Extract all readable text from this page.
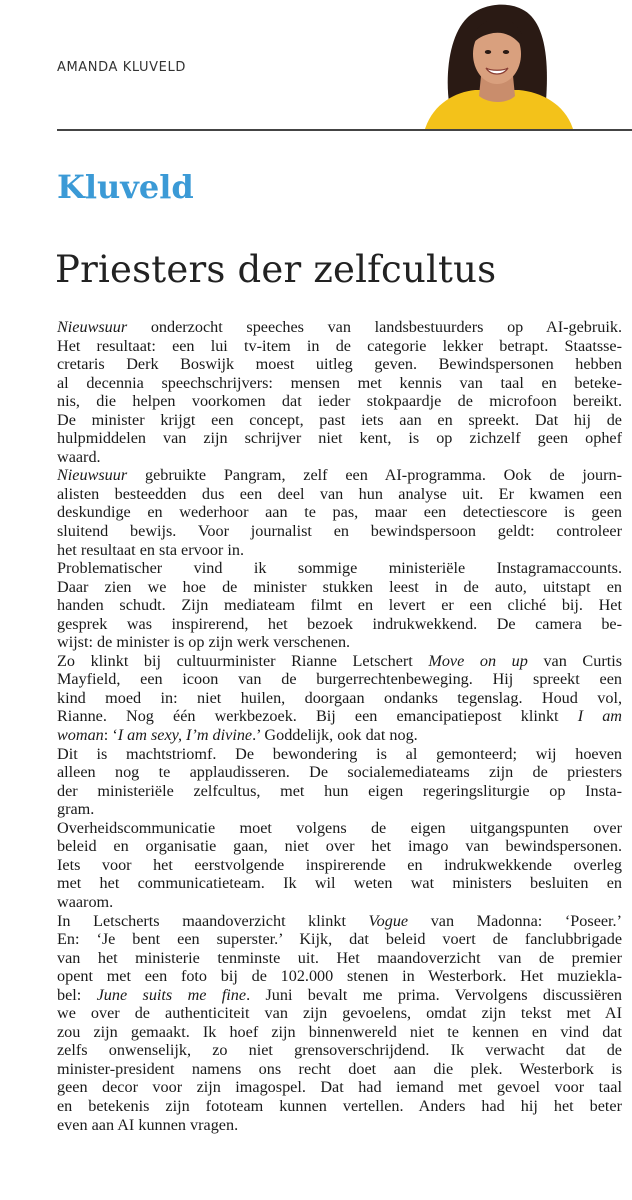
AMANDA KLUVELD
Kluveld
Priesters der zelfcultus

Nieuwsuur onderzocht speeches van landsbestuurders op AI-gebruik.
Het resultaat: een lui tv-item in de categorie lekker betrapt. Staatsse-
cretaris Derk Boswijk moest uitleg geven. Bewindspersonen hebben
al decennia speechschrijvers: mensen met kennis van taal en beteke-
nis, die helpen voorkomen dat ieder stokpaardje de microfoon bereikt.
De minister krijgt een concept, past iets aan en spreekt. Dat hij de
hulpmiddelen van zijn schrijver niet kent, is op zichzelf geen ophef
waard.

Nieuwsuur gebruikte Pangram, zelf een AI-programma. Ook de journ-
alisten besteedden dus een deel van hun analyse uit. Er kwamen een
deskundige en wederhoor aan te pas, maar een detectiescore is geen
sluitend bewijs. Voor journalist en bewindspersoon geldt: controleer
het resultaat en sta ervoor in.

Problematischer vind ik sommige ministeriële Instagramaccounts.
Daar zien we hoe de minister stukken leest in de auto, uitstapt en
handen schudt. Zijn mediateam filmt en levert er een cliché bij. Het
gesprek was inspirerend, het bezoek indrukwekkend. De camera be-
wijst: de minister is op zijn werk verschenen.

Zo klinkt bij cultuurminister Rianne Letschert Move on up van Curtis
Mayfield, een icoon van de burgerrechtenbeweging. Hij spreekt een
kind moed in: niet huilen, doorgaan ondanks tegenslag. Houd vol,
Rianne. Nog één werkbezoek. Bij een emancipatiepost klinkt I am
woman: ‘I am sexy, I’m divine.’ Goddelijk, ook dat nog.

Dit is machtstriomf. De bewondering is al gemonteerd; wij hoeven
alleen nog te applaudisseren. De socialemediateams zijn de priesters
der ministeriële zelfcultus, met hun eigen regeringsliturgie op Insta-
gram.

Overheidscommunicatie moet volgens de eigen uitgangspunten over
beleid en organisatie gaan, niet over het imago van bewindspersonen.
Iets voor het eerstvolgende inspirerende en indrukwekkende overleg
met het communicatieteam. Ik wil weten wat ministers besluiten en
waarom.

In Letscherts maandoverzicht klinkt Vogue van Madonna: ‘Poseer.’
En: ‘Je bent een superster.’ Kijk, dat beleid voert de fanclubbrigade
van het ministerie tenminste uit. Het maandoverzicht van de premier
opent met een foto bij de 102.000 stenen in Westerbork. Het muziekla-
bel: June suits me fine. Juni bevalt me prima. Vervolgens discussiëren
we over de authenticiteit van zijn gevoelens, omdat zijn tekst met AI
zou zijn gemaakt. Ik hoef zijn binnenwereld niet te kennen en vind dat
zelfs onwenselijk, zo niet grensoverschrijdend. Ik verwacht dat de
minister-president namens ons recht doet aan die plek. Westerbork is
geen decor voor zijn imagospel. Dat had iemand met gevoel voor taal
en betekenis zijn fototeam kunnen vertellen. Anders had hij het beter
even aan AI kunnen vragen.
